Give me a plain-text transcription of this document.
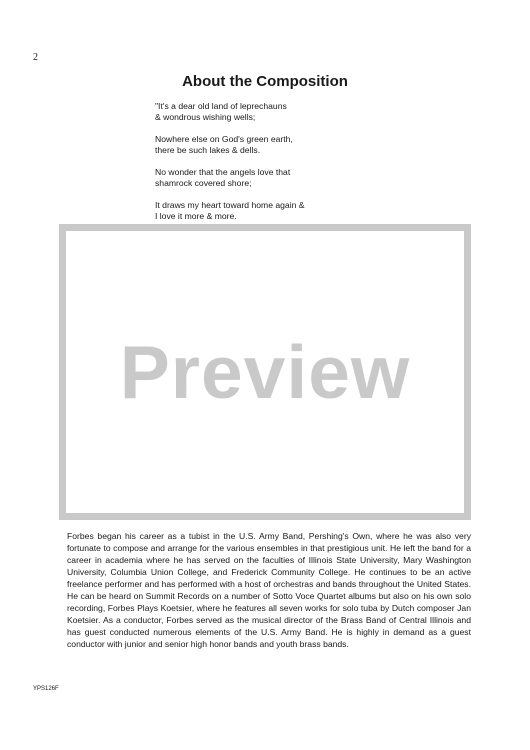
2
About the Composition
"It's a dear old land of leprechauns
& wondrous wishing wells;
Nowhere else on God's green earth,
there be such lakes & dells.
No wonder that the angels love that
shamrock covered shore;
It draws my heart toward home again &
I love it more & more.
Preview
Forbes began his career as a tubist in the U.S. Army Band, Pershing's Own, where he was also very fortunate to compose and arrange for the various ensembles in that prestigious unit. He left the band for a career in academia where he has served on the faculties of Illinois State University, Mary Washington University, Columbia Union College, and Frederick Community College. He continues to be an active freelance performer and has performed with a host of orchestras and bands throughout the United States. He can be heard on Summit Records on a number of Sotto Voce Quartet albums but also on his own solo recording, Forbes Plays Koetsier, where he features all seven works for solo tuba by Dutch composer Jan Koetsier. As a conductor, Forbes served as the musical director of the Brass Band of Central Illinois and has guest conducted numerous elements of the U.S. Army Band. He is highly in demand as a guest conductor with junior and senior high honor bands and youth brass bands.
YPS126F
